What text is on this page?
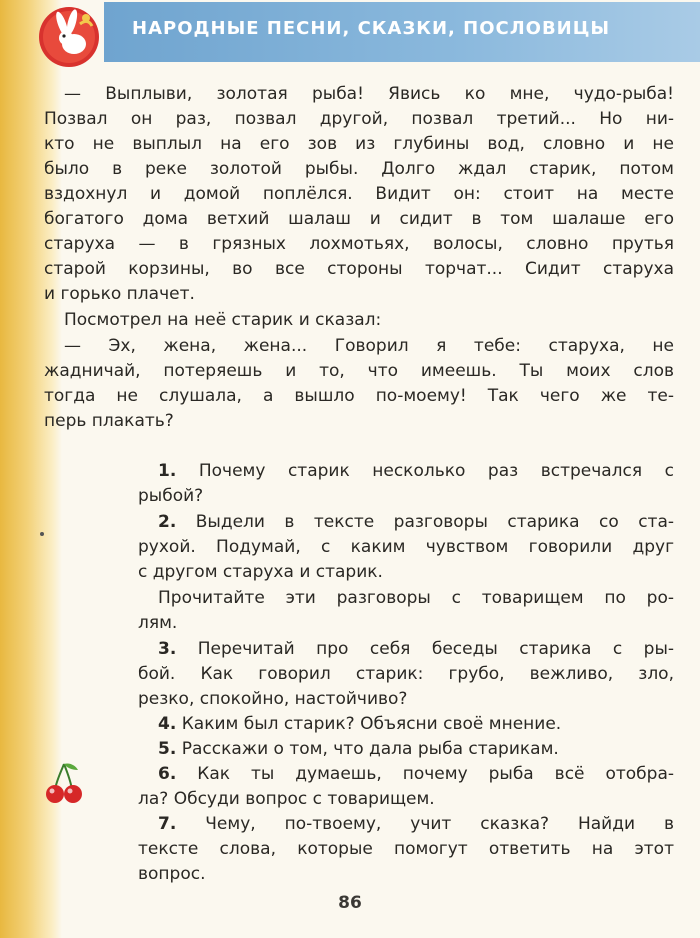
НАРОДНЫЕ ПЕСНИ, СКАЗКИ, ПОСЛОВИЦЫ
— Выплыви, золотая рыба! Явись ко мне, чудо-рыба!
Позвал он раз, позвал другой, позвал третий... Но ни-
кто не выплыл на его зов из глубины вод, словно и не
было в реке золотой рыбы. Долго ждал старик, потом
вздохнул и домой поплёлся. Видит он: стоит на месте
богатого дома ветхий шалаш и сидит в том шалаше его
старуха — в грязных лохмотьях, волосы, словно прутья
старой корзины, во все стороны торчат... Сидит старуха
и горько плачет.
Посмотрел на неё старик и сказал:
— Эх, жена, жена... Говорил я тебе: старуха, не
жадничай, потеряешь и то, что имеешь. Ты моих слов
тогда не слушала, а вышло по-моему! Так чего же те-
перь плакать?
1. Почему старик несколько раз встречался с
рыбой?
2. Выдели в тексте разговоры старика со ста-
рухой. Подумай, с каким чувством говорили друг
с другом старуха и старик.
Прочитайте эти разговоры с товарищем по ро-
лям.
3. Перечитай про себя беседы старика с ры-
бой. Как говорил старик: грубо, вежливо, зло,
резко, спокойно, настойчиво?
4. Каким был старик? Объясни своё мнение.
5. Расскажи о том, что дала рыба старикам.
6. Как ты думаешь, почему рыба всё отобра-
ла? Обсуди вопрос с товарищем.
7. Чему, по-твоему, учит сказка? Найди в
тексте слова, которые помогут ответить на этот
вопрос.
86
